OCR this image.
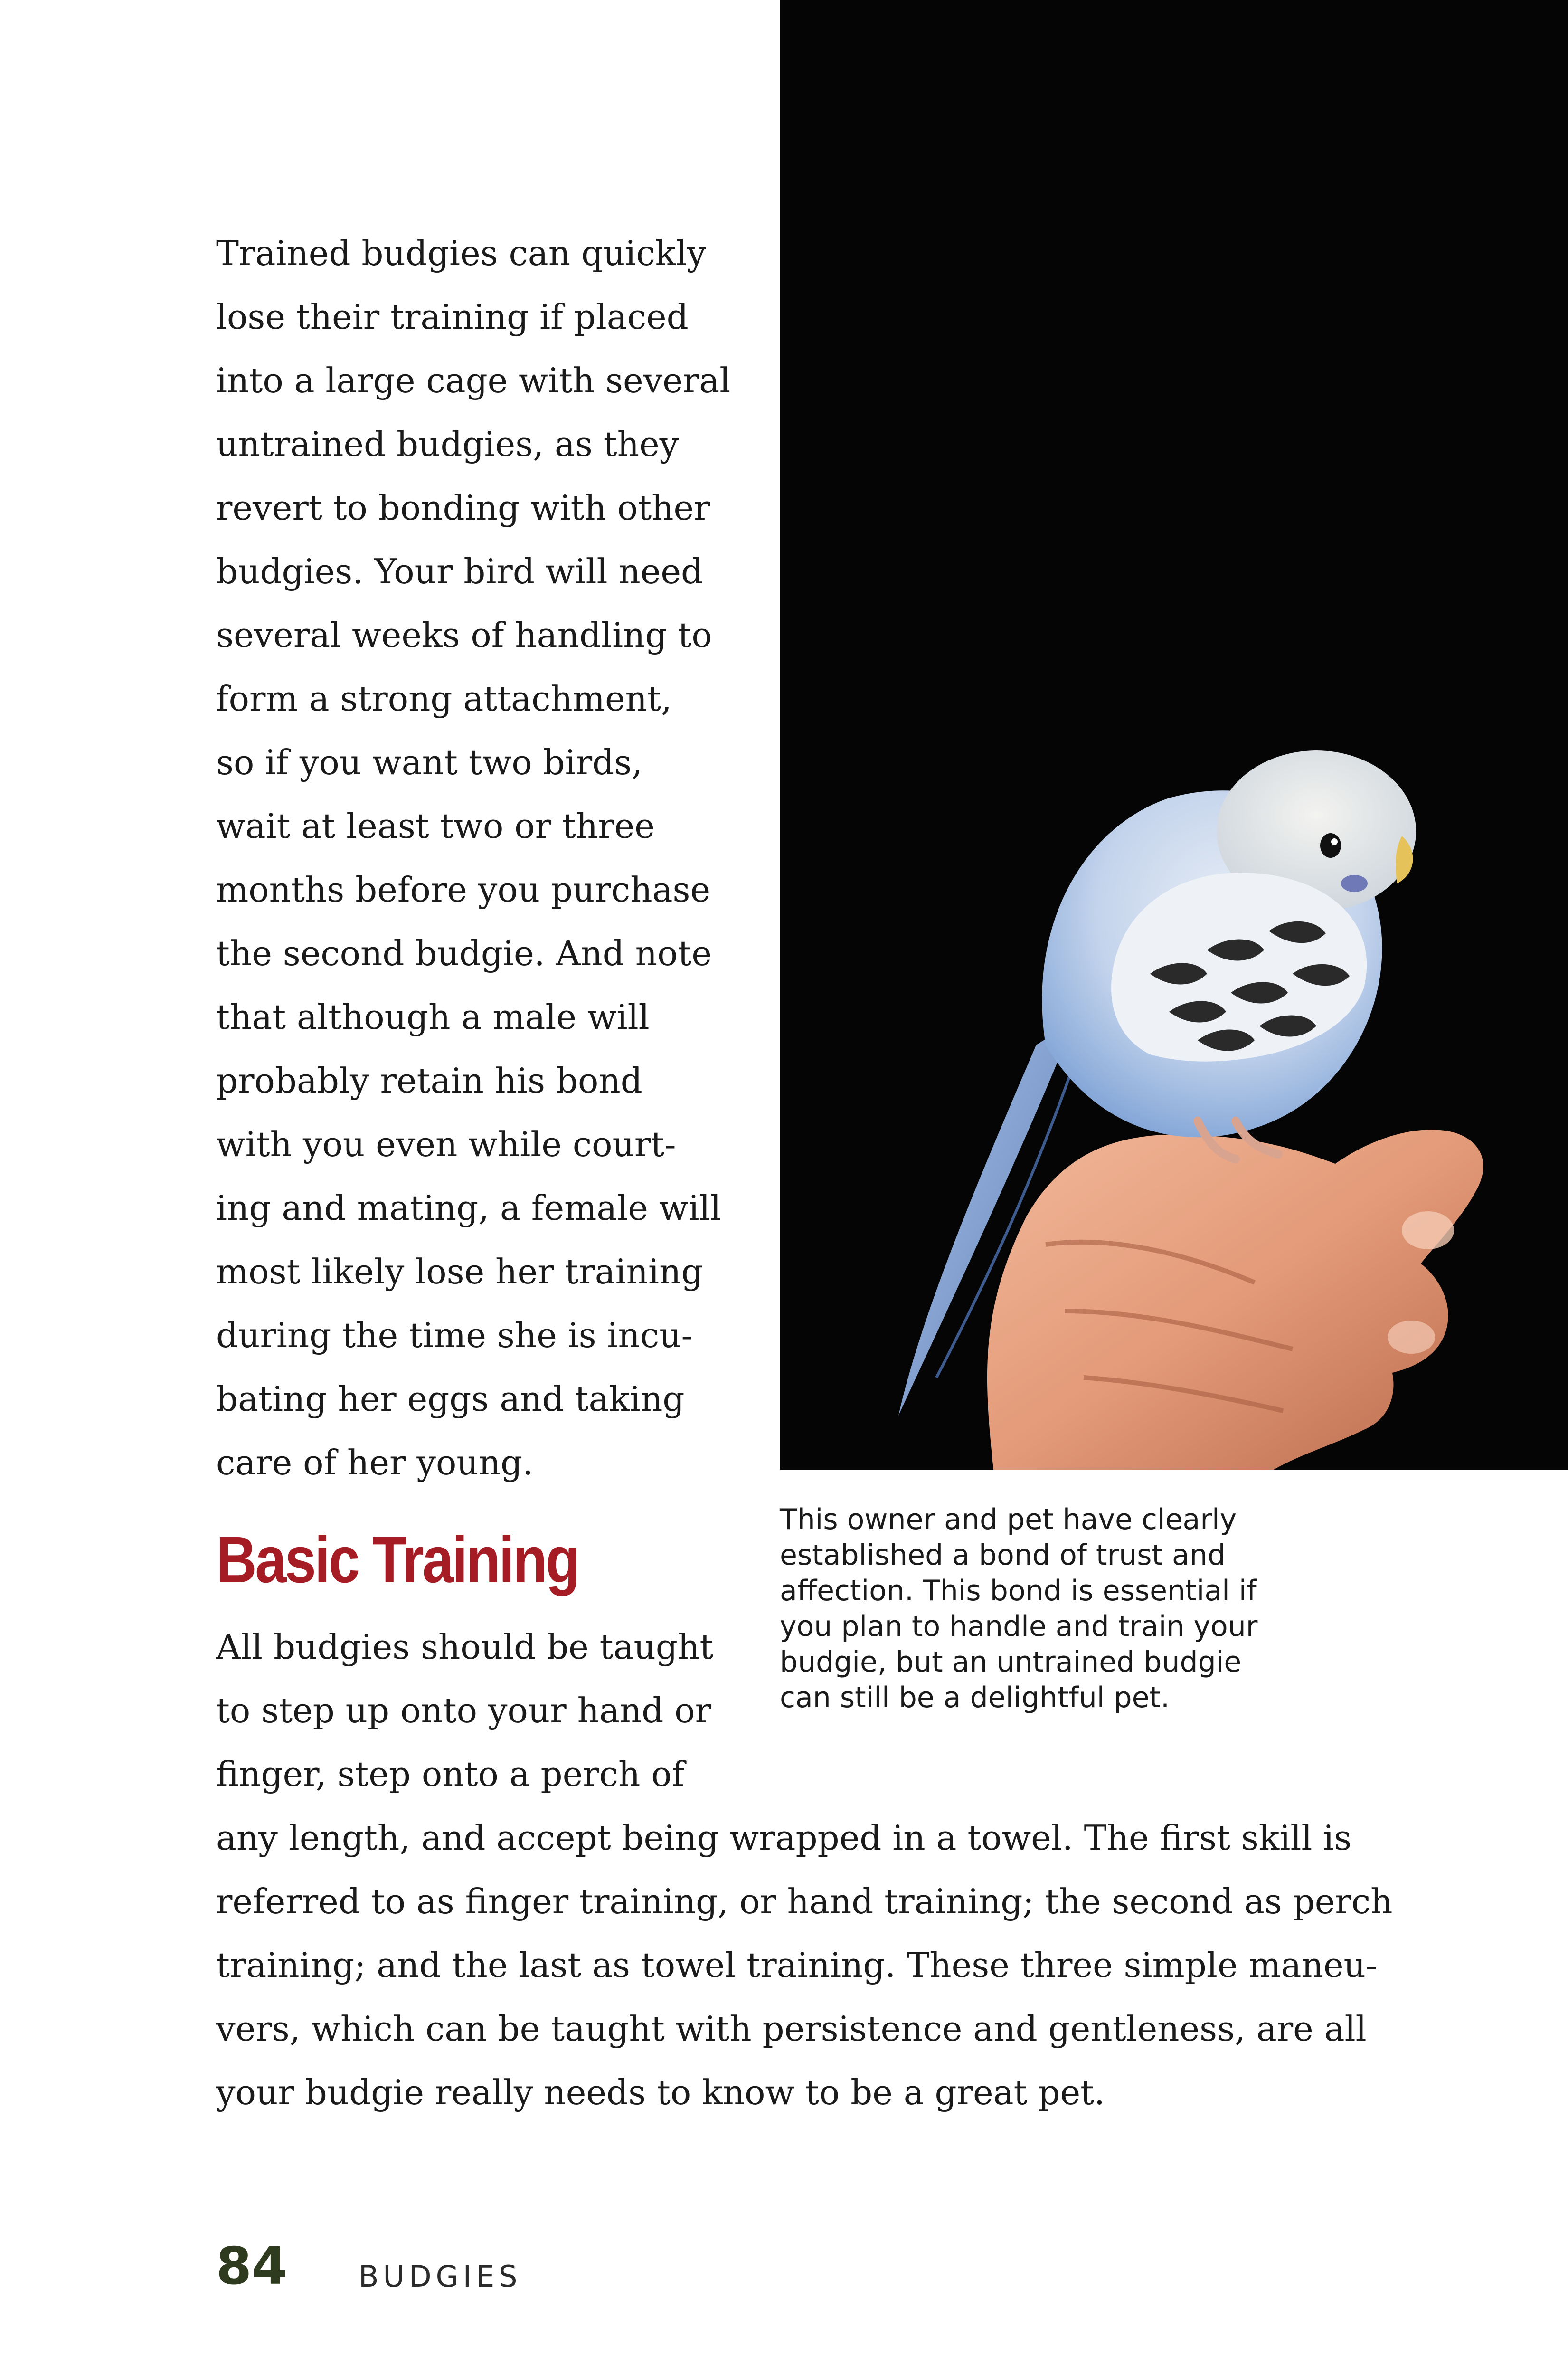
Trained budgies can quickly
lose their training if placed
into a large cage with several
untrained budgies, as they
revert to bonding with other
budgies. Your bird will need
several weeks of handling to
form a strong attachment,
so if you want two birds,
wait at least two or three
months before you purchase
the second budgie. And note
that although a male will
probably retain his bond
with you even while court-
ing and mating, a female will
most likely lose her training
during the time she is incu-
bating her eggs and taking
care of her young.

Basic Training

All budgies should be taught
to step up onto your hand or
finger, step onto a perch of

any length, and accept being wrapped in a towel. The first skill is
referred to as finger training, or hand training; the second as perch
training; and the last as towel training. These three simple maneu-
vers, which can be taught with persistence and gentleness, are all
your budgie really needs to know to be a great pet.

This owner and pet have clearly
established a bond of trust and
affection. This bond is essential if
you plan to handle and train your
budgie, but an untrained budgie
can still be a delightful pet.

84 BUDGIES
